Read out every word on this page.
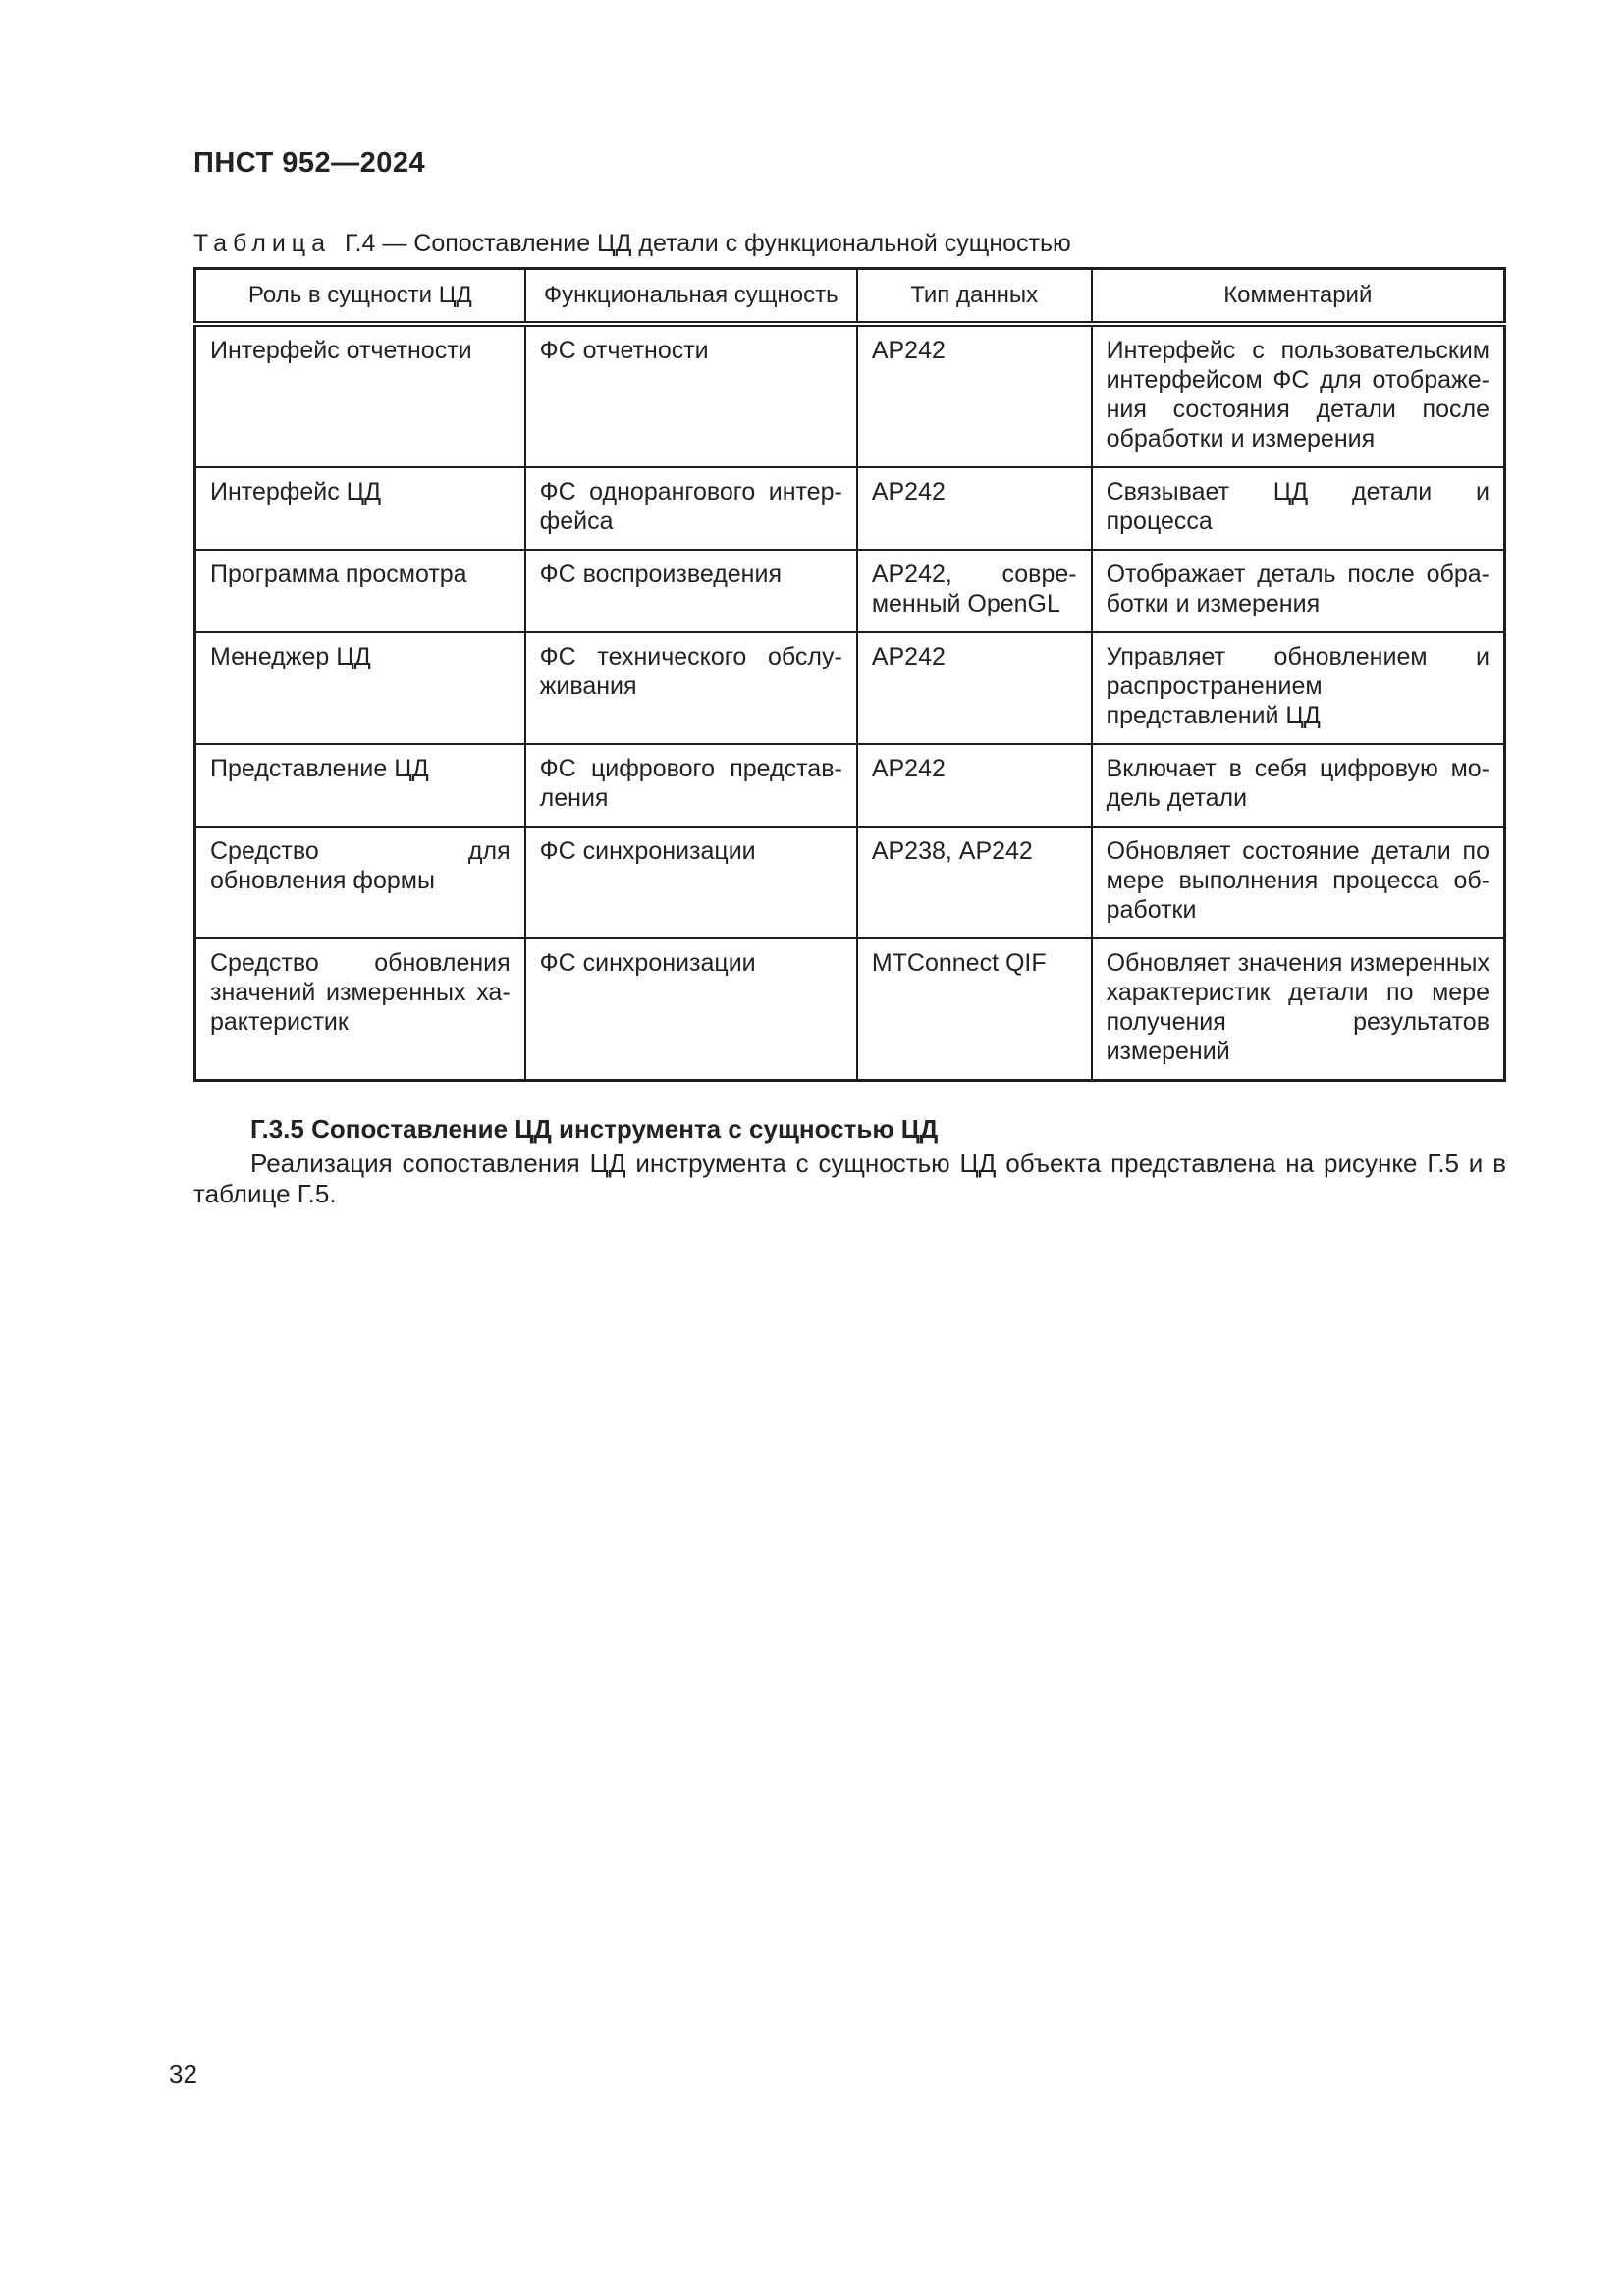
ПНСТ 952—2024
Таблица Г.4 — Сопоставление ЦД детали с функциональной сущностью
Роль в сущности ЦД	Функциональная сущность	Тип данных	Комментарий
Интерфейс отчетности	ФС отчетности	АР242	Интерфейс с пользовательским интерфейсом ФС для отображения состояния детали после обработки и измерения
Интерфейс ЦД	ФС однорангового интерфейса	АР242	Связывает ЦД детали и процесса
Программа просмотра	ФС воспроизведения	АР242, современный OpenGL	Отображает деталь после обработки и измерения
Менеджер ЦД	ФС технического обслуживания	АР242	Управляет обновлением и распространением представлений ЦД
Представление ЦД	ФС цифрового представления	АР242	Включает в себя цифровую модель детали
Средство для обновления формы	ФС синхронизации	АР238, АР242	Обновляет состояние детали по мере выполнения процесса обработки
Средство обновления значений измеренных характеристик	ФС синхронизации	MTConnect QIF	Обновляет значения измеренных характеристик детали по мере получения результатов измерений
Г.3.5 Сопоставление ЦД инструмента с сущностью ЦД

Реализация сопоставления ЦД инструмента с сущностью ЦД объекта представлена на рисунке Г.5 и в таблице Г.5.

32
